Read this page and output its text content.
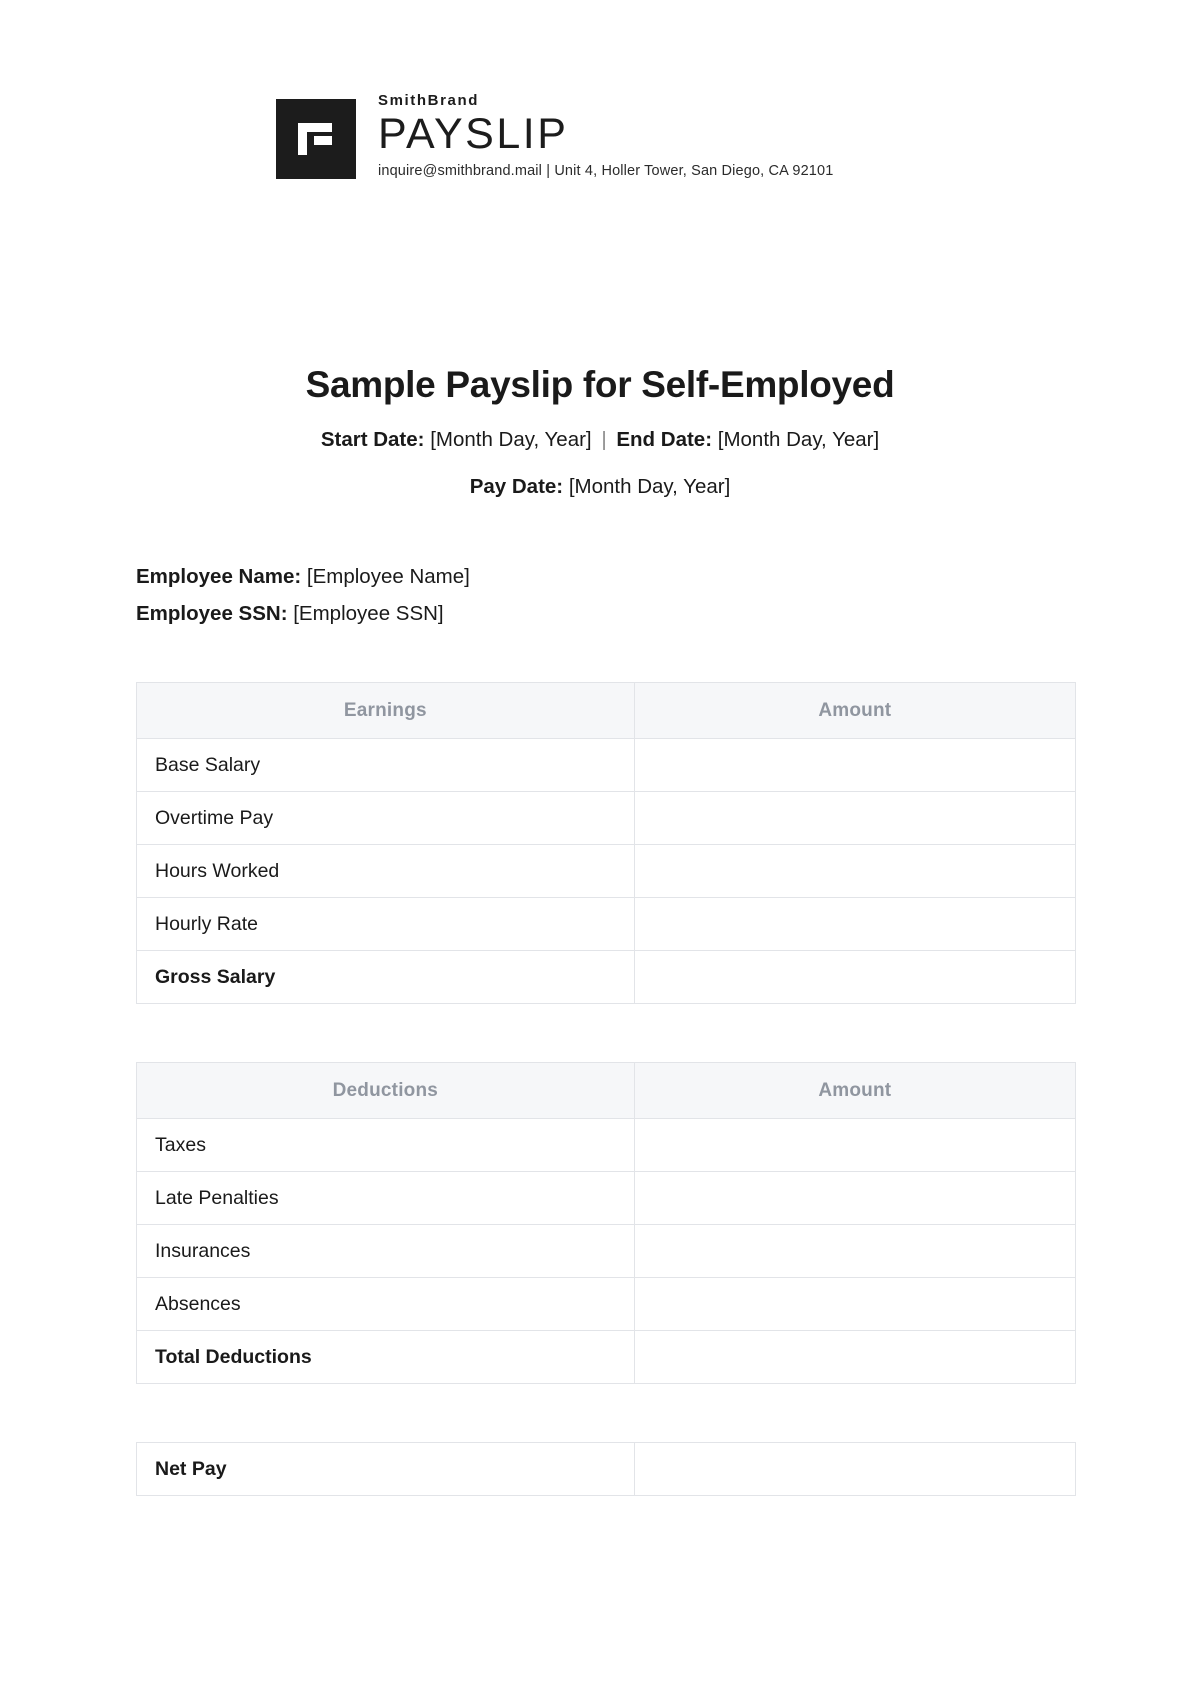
SmithBrand
PAYSLIP
inquire@smithbrand.mail | Unit 4, Holler Tower, San Diego, CA 92101
Sample Payslip for Self-Employed
Start Date: [Month Day, Year] | End Date: [Month Day, Year]
Pay Date: [Month Day, Year]
Employee Name: [Employee Name]
Employee SSN: [Employee SSN]
Earnings	Amount
Base Salary	
Overtime Pay	
Hours Worked	
Hourly Rate	
Gross Salary	
Deductions	Amount
Taxes	
Late Penalties	
Insurances	
Absences	
Total Deductions	
Net Pay	
